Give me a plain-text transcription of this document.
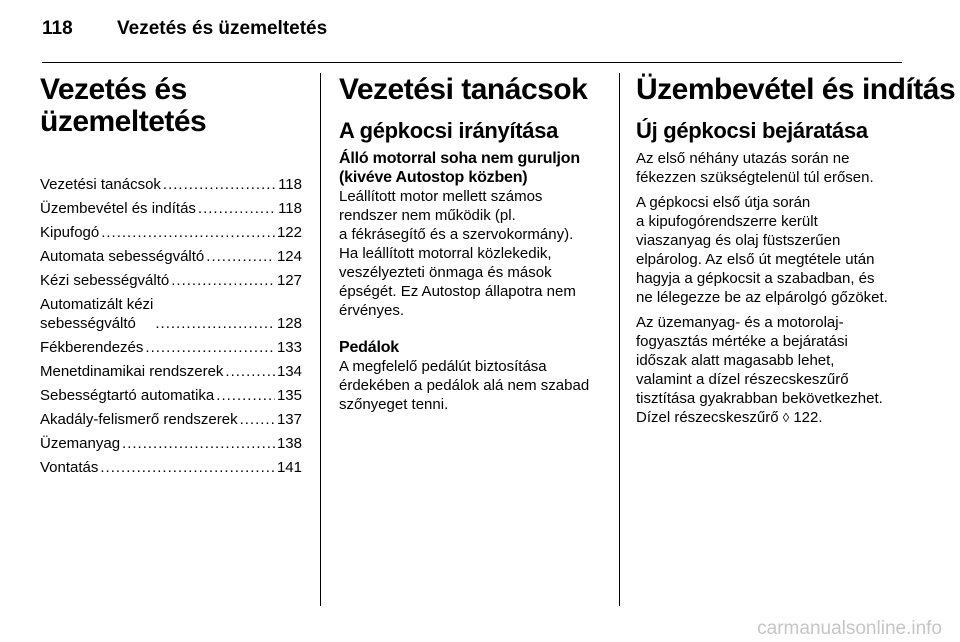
118 Vezetés és üzemeltetés
Vezetés és
üzemeltetés
Vezetési tanácsok .....	118
Üzembevétel és indítás .....	118
Kipufogó .....	122
Automata sebességváltó .....	124
Kézi sebességváltó .....	127
Automatizált kézi
sebességváltó .....	128
Fékberendezés .....	133
Menetdinamikai rendszerek .....	134
Sebességtartó automatika .....	135
Akadály-felismerő rendszerek .....	137
Üzemanyag .....	138
Vontatás .....	141
Vezetési tanácsok
A gépkocsi irányítása
Álló motorral soha nem guruljon
(kivéve Autostop közben)

Leállított motor mellett számos
rendszer nem működik (pl.
a fékrásegítő és a szervokormány).
Ha leállított motorral közlekedik,
veszélyezteti önmaga és mások
épségét. Ez Autostop állapotra nem
érvényes.

Pedálok

A megfelelő pedálút biztosítása
érdekében a pedálok alá nem szabad
szőnyeget tenni.

Üzembevétel és indítás
Új gépkocsi bejáratása

Az első néhány utazás során ne
fékezzen szükségtelenül túl erősen.

A gépkocsi első útja során
a kipufogórendszerre került
viaszanyag és olaj füstszerűen
elpárolog. Az első út megtétele után
hagyja a gépkocsit a szabadban, és
ne lélegezze be az elpárolgó gőzöket.

Az üzemanyag- és a motorolaj-
fogyasztás mértéke a bejáratási
időszak alatt magasabb lehet,
valamint a dízel részecskeszűrő
tisztítása gyakrabban bekövetkezhet.
Dízel részecskeszűrő ◊ 122.

carmanualsonline.info
